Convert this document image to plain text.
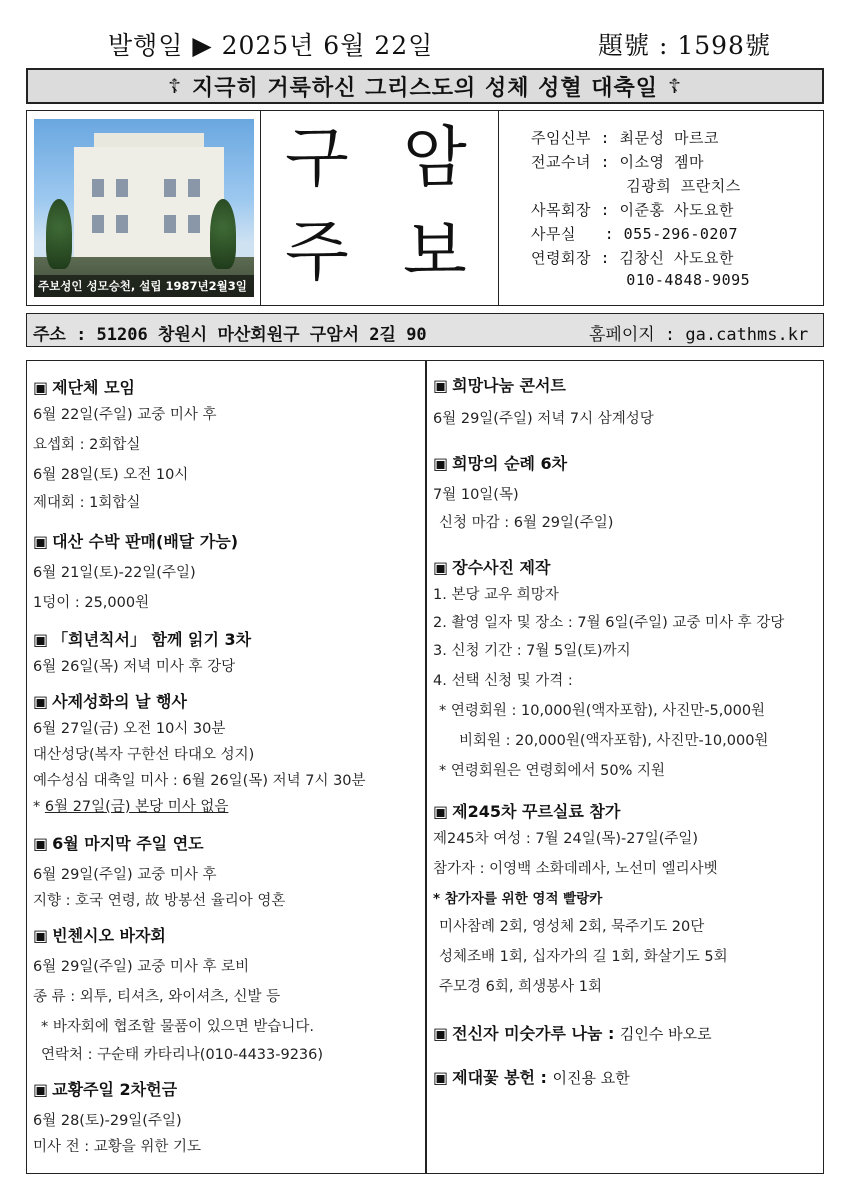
발행일 ▶ 2025년 6월 22일	題號 : 1598號
☦ 지극히 거룩하신 그리스도의 성체 성혈 대축일 ☦
주보성인 성모승천, 설립 1987년2월3일
구 암
주 보
주임신부 : 최문성 마르코
전교수녀 : 이소영 젬마
김광희 프란치스
사목회장 : 이준홍 사도요한
사무실   : 055-296-0207
연령회장 : 김창신 사도요한
010-4848-9095
주소 : 51206 창원시 마산회원구 구암서 2길 90	홈페이지 : ga.cathms.kr
▣ 제단체 모임
6월 22일(주일) 교중 미사 후
요셉회 : 2회합실
6월 28일(토) 오전 10시
제대회 : 1회합실
▣ 대산 수박 판매(배달 가능)
6월 21일(토)-22일(주일)
1덩이 : 25,000원
▣ 「희년칙서」 함께 읽기 3차
6월 26일(목) 저녁 미사 후 강당
▣ 사제성화의 날 행사
6월 27일(금) 오전 10시 30분
대산성당(복자 구한선 타대오 성지)
예수성심 대축일 미사 : 6월 26일(목) 저녁 7시 30분
* 6월 27일(금) 본당 미사 없음
▣ 6월 마지막 주일 연도
6월 29일(주일) 교중 미사 후
지향 : 호국 연령, 故 방봉선 율리아 영혼
▣ 빈첸시오 바자회
6월 29일(주일) 교중 미사 후 로비
종 류 : 외투, 티셔츠, 와이셔츠, 신발 등
* 바자회에 협조할 물품이 있으면 받습니다.
연락처 : 구순태 카타리나(010-4433-9236)
▣ 교황주일 2차헌금
6월 28(토)-29일(주일)
미사 전 : 교황을 위한 기도
▣ 희망나눔 콘서트
6월 29일(주일) 저녁 7시 삼계성당
▣ 희망의 순례 6차
7월 10일(목)
신청 마감 : 6월 29일(주일)
▣ 장수사진 제작
1. 본당 교우 희망자
2. 촬영 일자 및 장소 : 7월 6일(주일) 교중 미사 후 강당
3. 신청 기간 : 7월 5일(토)까지
4. 선택 신청 및 가격 :
* 연령회원 : 10,000원(액자포함), 사진만-5,000원
비회원 : 20,000원(액자포함), 사진만-10,000원
* 연령회원은 연령회에서 50% 지원
▣ 제245차 꾸르실료 참가
제245차 여성 : 7월 24일(목)-27일(주일)
참가자 : 이영백 소화데레사, 노선미 엘리사벳
* 참가자를 위한 영적 빨랑카
미사참례 2회, 영성체 2회, 묵주기도 20단
성체조배 1회, 십자가의 길 1회, 화살기도 5회
주모경 6회, 희생봉사 1회
▣ 전신자 미숫가루 나눔 : 김인수 바오로
▣ 제대꽃 봉헌 : 이진용 요한
